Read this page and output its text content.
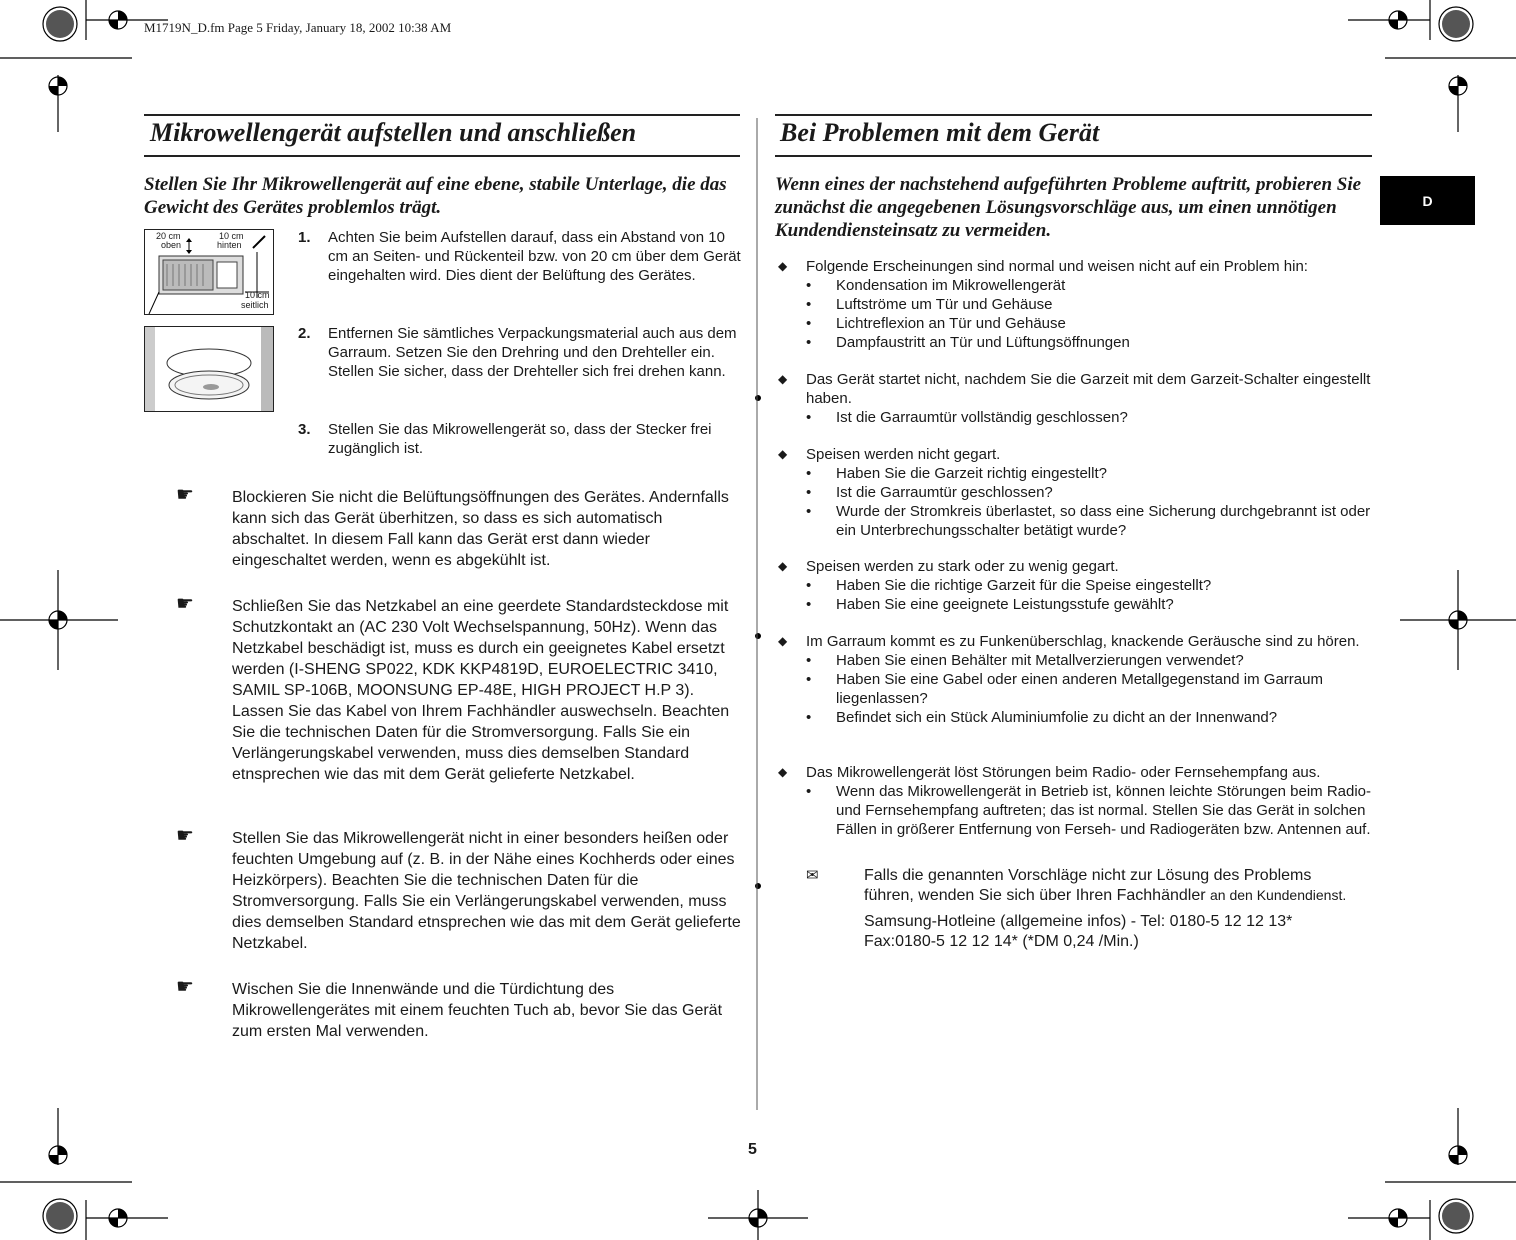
M1719N_D.fm Page 5 Friday, January 18, 2002 10:38 AM
Mikrowellengerät aufstellen und anschließen
Stellen Sie Ihr Mikrowellengerät auf eine ebene, stabile Unterlage, die das Gewicht des Gerätes problemlos trägt.
20 cm
oben
10 cm
hinten
10 cm
seitlich
1. Achten Sie beim Aufstellen darauf, dass ein Abstand von 10 cm an Seiten- und Rückenteil bzw. von 20 cm über dem Gerät eingehalten wird. Dies dient der Belüftung des Gerätes.
2. Entfernen Sie sämtliches Verpackungsmaterial auch aus dem Garraum. Setzen Sie den Drehring und den Drehteller ein. Stellen Sie sicher, dass der Drehteller sich frei drehen kann.
3. Stellen Sie das Mikrowellengerät so, dass der Stecker frei zugänglich ist.
☛ Blockieren Sie nicht die Belüftungsöffnungen des Gerätes. Andernfalls kann sich das Gerät überhitzen, so dass es sich automatisch abschaltet. In diesem Fall kann das Gerät erst dann wieder eingeschaltet werden, wenn es abgekühlt ist.
☛ Schließen Sie das Netzkabel an eine geerdete Standardsteckdose mit Schutzkontakt an (AC 230 Volt Wechselspannung, 50Hz). Wenn das Netzkabel beschädigt ist, muss es durch ein geeignetes Kabel ersetzt werden (I-SHENG SP022, KDK KKP4819D, EUROELECTRIC 3410, SAMIL SP-106B, MOONSUNG EP-48E, HIGH PROJECT H.P 3). Lassen Sie das Kabel von Ihrem Fachhändler auswechseln. Beachten Sie die technischen Daten für die Stromversorgung. Falls Sie ein Verlängerungskabel verwenden, muss dies demselben Standard etnsprechen wie das mit dem Gerät gelieferte Netzkabel.
☛ Stellen Sie das Mikrowellengerät nicht in einer besonders heißen oder feuchten Umgebung auf (z. B. in der Nähe eines Kochherds oder eines Heizkörpers). Beachten Sie die technischen Daten für die Stromversorgung. Falls Sie ein Verlängerungskabel verwenden, muss dies demselben Standard etnsprechen wie das mit dem Gerät gelieferte Netzkabel.
☛ Wischen Sie die Innenwände und die Türdichtung des Mikrowellengerätes mit einem feuchten Tuch ab, bevor Sie das Gerät zum ersten Mal verwenden.
Bei Problemen mit dem Gerät
Wenn eines der nachstehend aufgeführten Probleme auftritt, probieren Sie zunächst die angegebenen Lösungsvorschläge aus, um einen unnötigen Kundendiensteinsatz zu vermeiden.
D
◆ Folgende Erscheinungen sind normal und weisen nicht auf ein Problem hin:
• Kondensation im Mikrowellengerät
• Luftströme um Tür und Gehäuse
• Lichtreflexion an Tür und Gehäuse
• Dampfaustritt an Tür und Lüftungsöffnungen
◆ Das Gerät startet nicht, nachdem Sie die Garzeit mit dem Garzeit-Schalter eingestellt haben.
• Ist die Garraumtür vollständig geschlossen?
◆ Speisen werden nicht gegart.
• Haben Sie die Garzeit richtig eingestellt?
• Ist die Garraumtür geschlossen?
• Wurde der Stromkreis überlastet, so dass eine Sicherung durchgebrannt ist oder ein Unterbrechungsschalter betätigt wurde?
◆ Speisen werden zu stark oder zu wenig gegart.
• Haben Sie die richtige Garzeit für die Speise eingestellt?
• Haben Sie eine geeignete Leistungsstufe gewählt?
◆ Im Garraum kommt es zu Funkenüberschlag, knackende Geräusche sind zu hören.
• Haben Sie einen Behälter mit Metallverzierungen verwendet?
• Haben Sie eine Gabel oder einen anderen Metallgegenstand im Garraum liegenlassen?
• Befindet sich ein Stück Aluminiumfolie zu dicht an der Innenwand?
◆ Das Mikrowellengerät löst Störungen beim Radio- oder Fernsehempfang aus.
• Wenn das Mikrowellengerät in Betrieb ist, können leichte Störungen beim Radio- und Fernsehempfang auftreten; das ist normal. Stellen Sie das Gerät in solchen Fällen in größerer Entfernung von Ferseh- und Radiogeräten bzw. Antennen auf.
✉	Falls die genannten Vorschläge nicht zur Lösung des Problems führen, wenden Sie sich über Ihren Fachhändler an den Kundendienst.
Samsung-Hotleine (allgemeine infos) - Tel: 0180-5 12 12 13*
Fax:0180-5 12 12 14* (*DM 0,24 /Min.)
5
